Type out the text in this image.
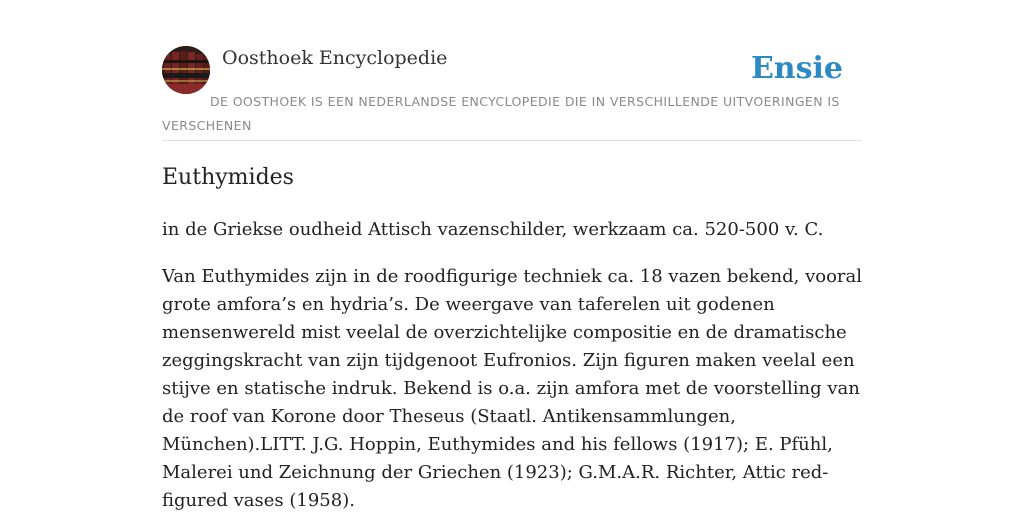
Oosthoek Encyclopedie	Ensie
DE OOSTHOEK IS EEN NEDERLANDSE ENCYCLOPEDIE DIE IN VERSCHILLENDE UITVOERINGEN IS VERSCHENEN
Euthymides

in de Griekse oudheid Attisch vazenschilder, werkzaam ca. 520-500 v. C.

Van Euthymides zijn in de roodfigurige techniek ca. 18 vazen bekend, vooral grote amfora’s en hydria’s. De weergave van taferelen uit godenen mensenwereld mist veelal de overzichtelijke compositie en de dramatische zeggingskracht van zijn tijdgenoot Eufronios. Zijn figuren maken veelal een stijve en statische indruk. Bekend is o.a. zijn amfora met de voorstelling van de roof van Korone door Theseus (Staatl. Antikensammlungen, München).LITT. J.G. Hoppin, Euthymides and his fellows (1917); E. Pfühl, Malerei und Zeichnung der Griechen (1923); G.M.A.R. Richter, Attic red-figured vases (1958).
